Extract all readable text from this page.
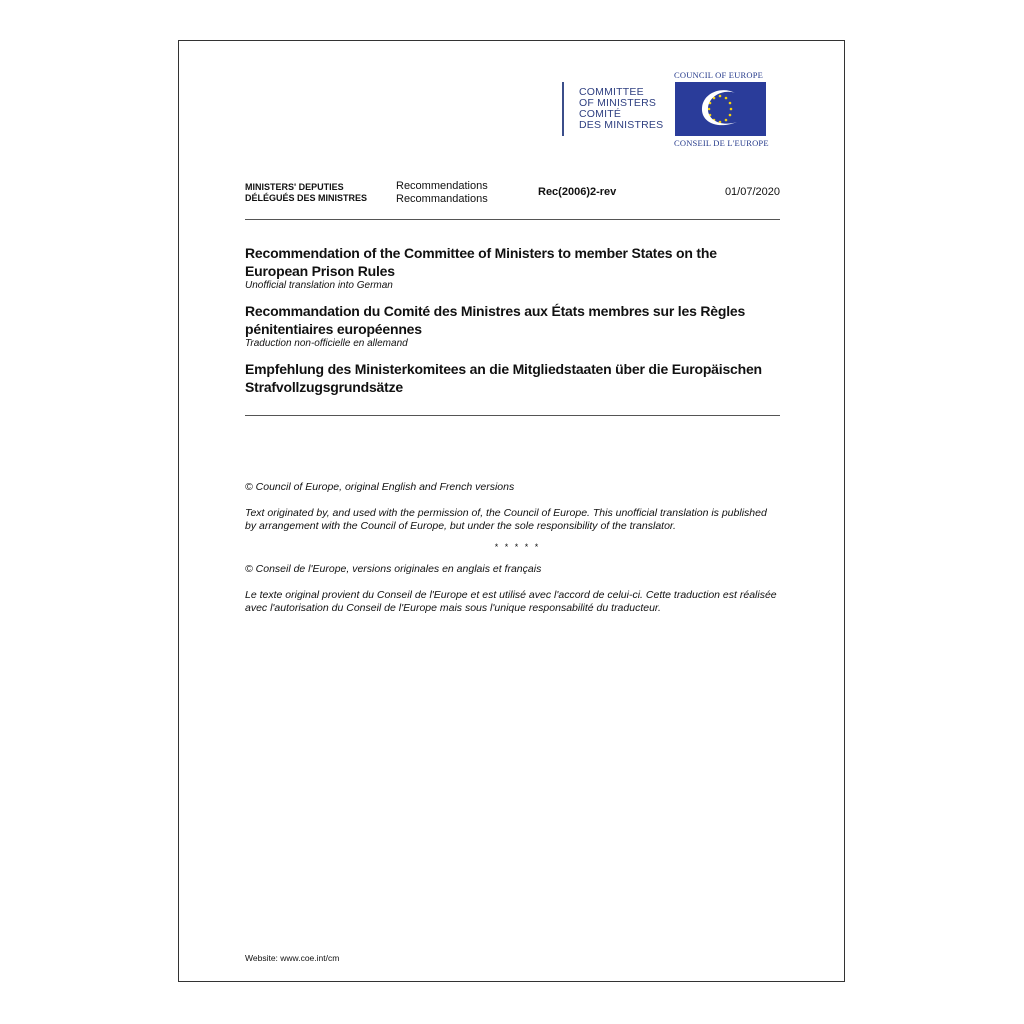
COMMITTEE
OF MINISTERS
COMITÉ
DES MINISTRES
COUNCIL OF EUROPE
CONSEIL DE L'EUROPE
MINISTERS' DEPUTIES
DÉLÉGUÉS DES MINISTRES
Recommendations
Recommandations
Rec(2006)2-rev	01/07/2020
Recommendation of the Committee of Ministers to member States on the European Prison Rules
Unofficial translation into German
Recommandation du Comité des Ministres aux États membres sur les Règles pénitentiaires européennes
Traduction non-officielle en allemand
Empfehlung des Ministerkomitees an die Mitgliedstaaten über die Europäischen Strafvollzugsgrundsätze
© Council of Europe, original English and French versions
Text originated by, and used with the permission of, the Council of Europe. This unofficial translation is published by arrangement with the Council of Europe, but under the sole responsibility of the translator.
* * * * *
© Conseil de l'Europe, versions originales en anglais et français
Le texte original provient du Conseil de l'Europe et est utilisé avec l'accord de celui-ci. Cette traduction est réalisée avec l'autorisation du Conseil de l'Europe mais sous l'unique responsabilité du traducteur.
Website: www.coe.int/cm
